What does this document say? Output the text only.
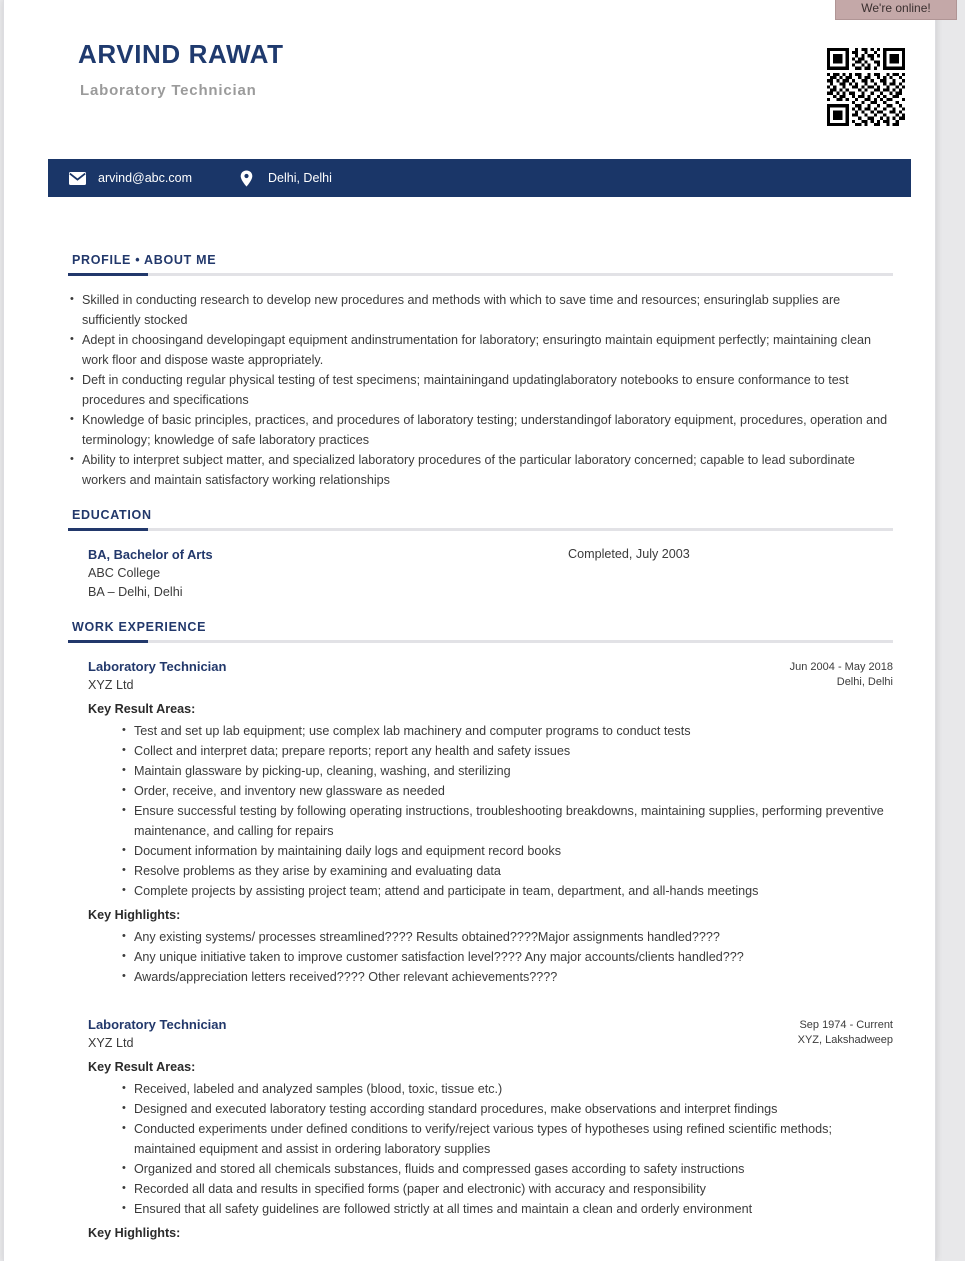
We're online!
ARVIND RAWAT
Laboratory Technician
arvind@abc.com	Delhi, Delhi
PROFILE • ABOUT ME
• Skilled in conducting research to develop new procedures and methods with which to save time and resources; ensuringlab supplies are sufficiently stocked
• Adept in choosingand developingapt equipment andinstrumentation for laboratory; ensuringto maintain equipment perfectly; maintaining clean work floor and dispose waste appropriately.
• Deft in conducting regular physical testing of test specimens; maintainingand updatinglaboratory notebooks to ensure conformance to test procedures and specifications
• Knowledge of basic principles, practices, and procedures of laboratory testing; understandingof laboratory equipment, procedures, operation and terminology; knowledge of safe laboratory practices
• Ability to interpret subject matter, and specialized laboratory procedures of the particular laboratory concerned; capable to lead subordinate workers and maintain satisfactory working relationships
EDUCATION
BA, Bachelor of Arts
ABC College
BA – Delhi, Delhi
Completed, July 2003
WORK EXPERIENCE
Laboratory Technician
XYZ Ltd
Jun 2004 - May 2018
Delhi, Delhi
Key Result Areas:
• Test and set up lab equipment; use complex lab machinery and computer programs to conduct tests
• Collect and interpret data; prepare reports; report any health and safety issues
• Maintain glassware by picking-up, cleaning, washing, and sterilizing
• Order, receive, and inventory new glassware as needed
• Ensure successful testing by following operating instructions, troubleshooting breakdowns, maintaining supplies, performing preventive maintenance, and calling for repairs
• Document information by maintaining daily logs and equipment record books
• Resolve problems as they arise by examining and evaluating data
• Complete projects by assisting project team; attend and participate in team, department, and all-hands meetings
Key Highlights:
• Any existing systems/ processes streamlined???? Results obtained????Major assignments handled????
• Any unique initiative taken to improve customer satisfaction level???? Any major accounts/clients handled???
• Awards/appreciation letters received???? Other relevant achievements????
Laboratory Technician
XYZ Ltd
Sep 1974 - Current
XYZ, Lakshadweep
Key Result Areas:
• Received, labeled and analyzed samples (blood, toxic, tissue etc.)
• Designed and executed laboratory testing according standard procedures, make observations and interpret findings
• Conducted experiments under defined conditions to verify/reject various types of hypotheses using refined scientific methods; maintained equipment and assist in ordering laboratory supplies
• Organized and stored all chemicals substances, fluids and compressed gases according to safety instructions
• Recorded all data and results in specified forms (paper and electronic) with accuracy and responsibility
• Ensured that all safety guidelines are followed strictly at all times and maintain a clean and orderly environment
Key Highlights:
